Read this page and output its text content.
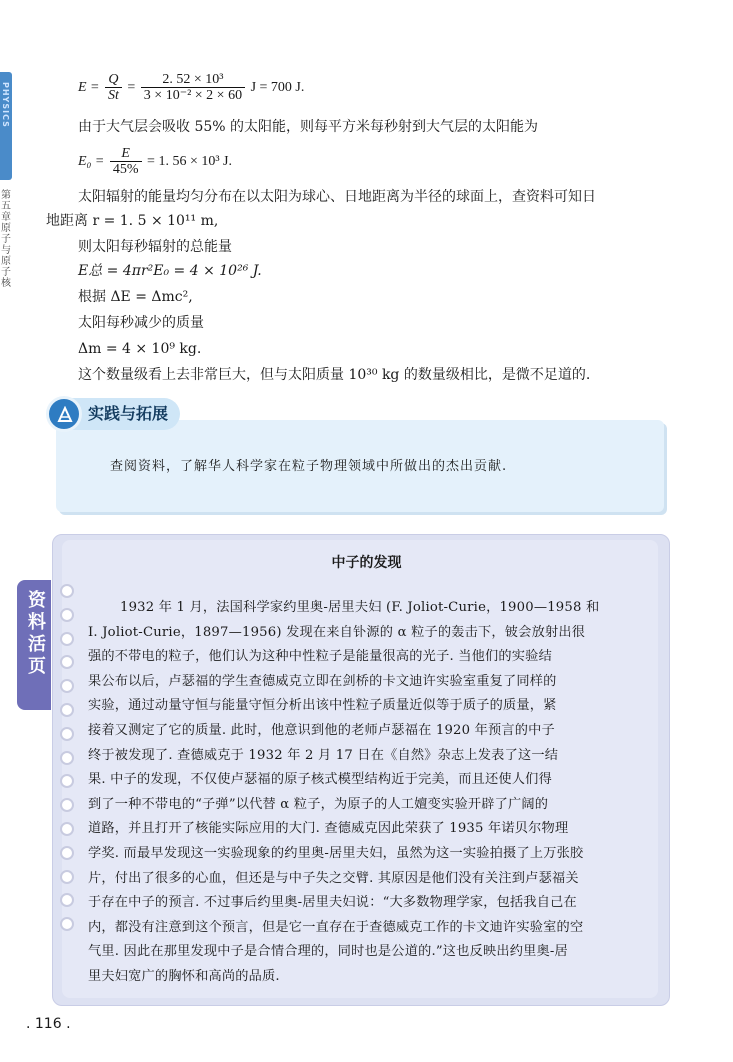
PHYSICS
第五章 原子与原子核
$E = \frac{Q}{St} = \frac{\text{2. 52 × 10³}}{\text{3 × 10⁻² × 2 × 60}}$ J = 700 J.
由于大气层会吸收 55% 的太阳能，则每平方米每秒射到大气层的太阳能为
$E_0 = \frac{E}{45\%} = 1$. 56 × 10³ J.
太阳辐射的能量均匀分布在以太阳为球心、日地距离为半径的球面上，查资料可知日
地距离 r = 1. 5 × 10¹¹ m,
则太阳每秒辐射的总能量
E总 = 4πr²E₀ = 4 × 10²⁶ J.
根据 ΔE = Δmc²,
太阳每秒减少的质量
Δm = 4 × 10⁹ kg.
这个数量级看上去非常巨大，但与太阳质量 10³⁰ kg 的数量级相比，是微不足道的.
实践与拓展
查阅资料，了解华人科学家在粒子物理领域中所做出的杰出贡献.
资料活页
中子的发现
1932 年 1 月，法国科学家约里奥-居里夫妇 (F. Joliot-Curie，1900—1958 和
I. Joliot-Curie，1897—1956) 发现在来自钋源的 α 粒子的轰击下，铍会放射出很
强的不带电的粒子，他们认为这种中性粒子是能量很高的光子. 当他们的实验结
果公布以后，卢瑟福的学生查德威克立即在剑桥的卡文迪许实验室重复了同样的
实验，通过动量守恒与能量守恒分析出该中性粒子质量近似等于质子的质量，紧
接着又测定了它的质量. 此时，他意识到他的老师卢瑟福在 1920 年预言的中子
终于被发现了. 查德威克于 1932 年 2 月 17 日在《自然》杂志上发表了这一结
果. 中子的发现，不仅使卢瑟福的原子核式模型结构近于完美，而且还使人们得
到了一种不带电的“子弹”以代替 α 粒子，为原子的人工嬗变实验开辟了广阔的
道路，并且打开了核能实际应用的大门. 查德威克因此荣获了 1935 年诺贝尔物理
学奖. 而最早发现这一实验现象的约里奥-居里夫妇，虽然为这一实验拍摄了上万张胶
片，付出了很多的心血，但还是与中子失之交臂. 其原因是他们没有关注到卢瑟福关
于存在中子的预言. 不过事后约里奥-居里夫妇说：“大多数物理学家，包括我自己在
内，都没有注意到这个预言，但是它一直存在于查德威克工作的卡文迪许实验室的空
气里. 因此在那里发现中子是合情合理的，同时也是公道的.”这也反映出约里奥-居
里夫妇宽广的胸怀和高尚的品质.
. 116 .
